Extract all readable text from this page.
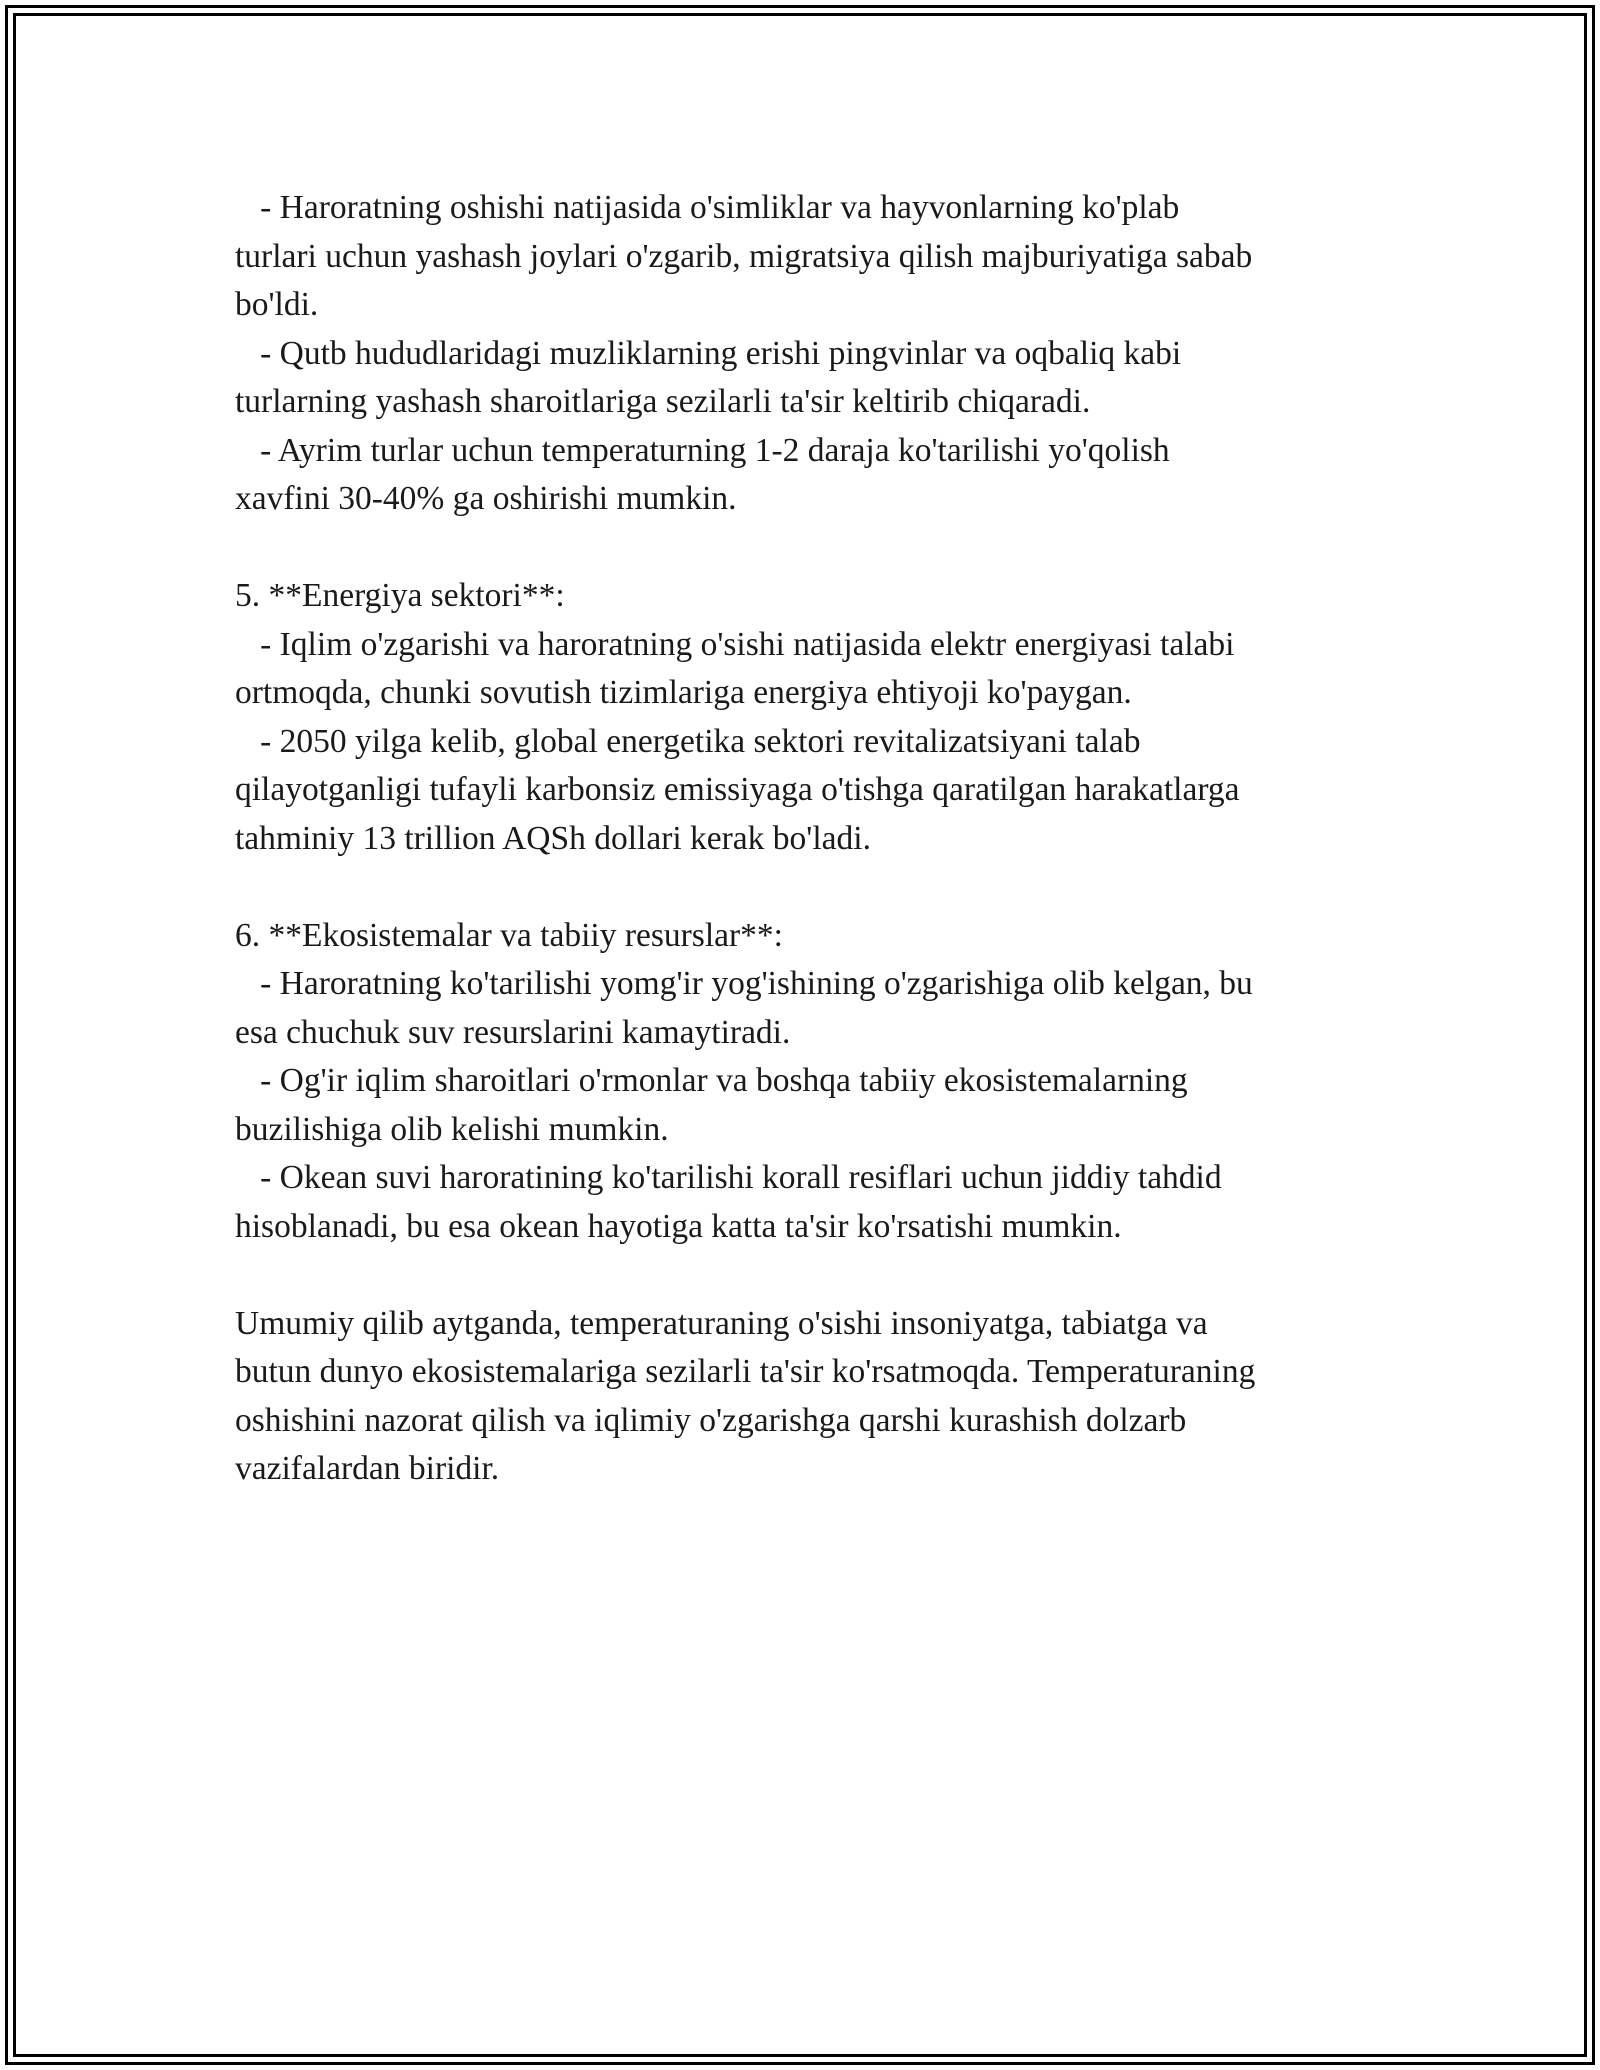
- Haroratning oshishi natijasida o'simliklar va hayvonlarning ko'plab
turlari uchun yashash joylari o'zgarib, migratsiya qilish majburiyatiga sabab
bo'ldi.
- Qutb hududlaridagi muzliklarning erishi pingvinlar va oqbaliq kabi
turlarning yashash sharoitlariga sezilarli ta'sir keltirib chiqaradi.
- Ayrim turlar uchun temperaturning 1-2 daraja ko'tarilishi yo'qolish
xavfini 30-40% ga oshirishi mumkin.
5. **Energiya sektori**:
- Iqlim o'zgarishi va haroratning o'sishi natijasida elektr energiyasi talabi
ortmoqda, chunki sovutish tizimlariga energiya ehtiyoji ko'paygan.
- 2050 yilga kelib, global energetika sektori revitalizatsiyani talab
qilayotganligi tufayli karbonsiz emissiyaga o'tishga qaratilgan harakatlarga
tahminiy 13 trillion AQSh dollari kerak bo'ladi.
6. **Ekosistemalar va tabiiy resurslar**:
- Haroratning ko'tarilishi yomg'ir yog'ishining o'zgarishiga olib kelgan, bu
esa chuchuk suv resurslarini kamaytiradi.
- Og'ir iqlim sharoitlari o'rmonlar va boshqa tabiiy ekosistemalarning
buzilishiga olib kelishi mumkin.
- Okean suvi haroratining ko'tarilishi korall resiflari uchun jiddiy tahdid
hisoblanadi, bu esa okean hayotiga katta ta'sir ko'rsatishi mumkin.
Umumiy qilib aytganda, temperaturaning o'sishi insoniyatga, tabiatga va
butun dunyo ekosistemalariga sezilarli ta'sir ko'rsatmoqda. Temperaturaning
oshishini nazorat qilish va iqlimiy o'zgarishga qarshi kurashish dolzarb
vazifalardan biridir.
